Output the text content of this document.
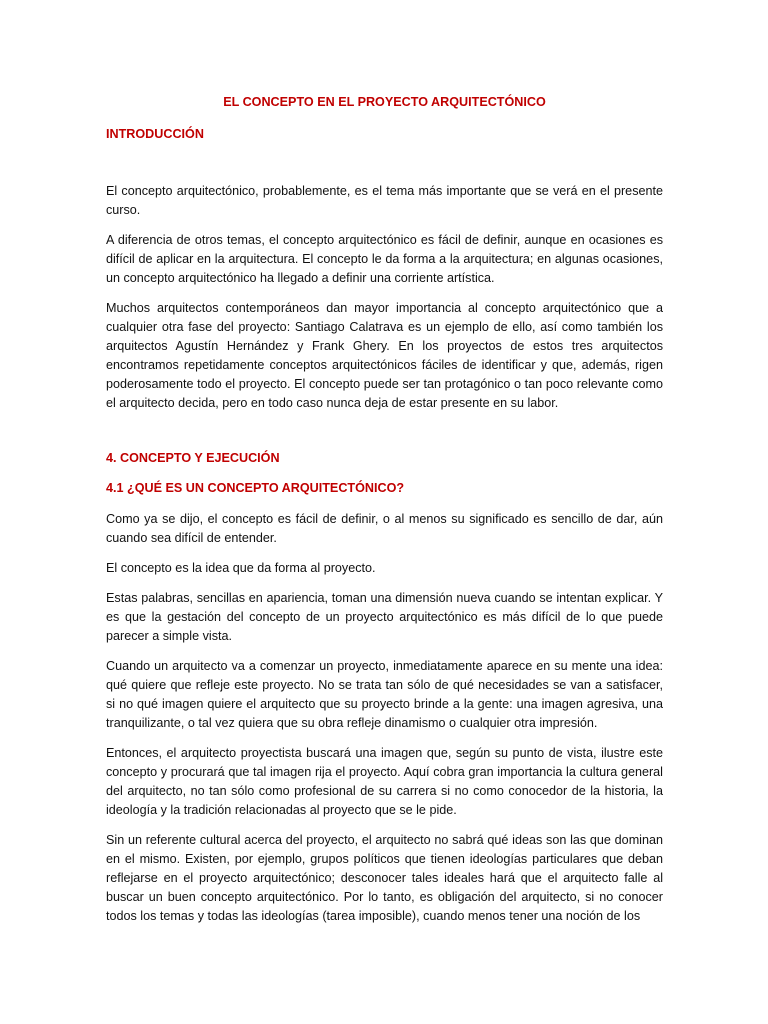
EL CONCEPTO EN EL PROYECTO ARQUITECTÓNICO
INTRODUCCIÓN

El concepto arquitectónico, probablemente, es el tema más importante que se verá en el presente curso.

A diferencia de otros temas, el concepto arquitectónico es fácil de definir, aunque en ocasiones es difícil de aplicar en la arquitectura. El concepto le da forma a la arquitectura; en algunas ocasiones, un concepto arquitectónico ha llegado a definir una corriente artística.

Muchos arquitectos contemporáneos dan mayor importancia al concepto arquitectónico que a cualquier otra fase del proyecto: Santiago Calatrava es un ejemplo de ello, así como también los arquitectos Agustín Hernández y Frank Ghery. En los proyectos de estos tres arquitectos encontramos repetidamente conceptos arquitectónicos fáciles de identificar y que, además, rigen poderosamente todo el proyecto. El concepto puede ser tan protagónico o tan poco relevante como el arquitecto decida, pero en todo caso nunca deja de estar presente en su labor.

4. CONCEPTO Y EJECUCIÓN
4.1 ¿QUÉ ES UN CONCEPTO ARQUITECTÓNICO?

Como ya se dijo, el concepto es fácil de definir, o al menos su significado es sencillo de dar, aún cuando sea difícil de entender.

El concepto es la idea que da forma al proyecto.

Estas palabras, sencillas en apariencia, toman una dimensión nueva cuando se intentan explicar. Y es que la gestación del concepto de un proyecto arquitectónico es más difícil de lo que puede parecer a simple vista.

Cuando un arquitecto va a comenzar un proyecto, inmediatamente aparece en su mente una idea: qué quiere que refleje este proyecto. No se trata tan sólo de qué necesidades se van a satisfacer, si no qué imagen quiere el arquitecto que su proyecto brinde a la gente: una imagen agresiva, una tranquilizante, o tal vez quiera que su obra refleje dinamismo o cualquier otra impresión.

Entonces, el arquitecto proyectista buscará una imagen que, según su punto de vista, ilustre este concepto y procurará que tal imagen rija el proyecto. Aquí cobra gran importancia la cultura general del arquitecto, no tan sólo como profesional de su carrera si no como conocedor de la historia, la ideología y la tradición relacionadas al proyecto que se le pide.

Sin un referente cultural acerca del proyecto, el arquitecto no sabrá qué ideas son las que dominan en el mismo. Existen, por ejemplo, grupos políticos que tienen ideologías particulares que deban reflejarse en el proyecto arquitectónico; desconocer tales ideales hará que el arquitecto falle al buscar un buen concepto arquitectónico. Por lo tanto, es obligación del arquitecto, si no conocer todos los temas y todas las ideologías (tarea imposible), cuando menos tener una noción de los
